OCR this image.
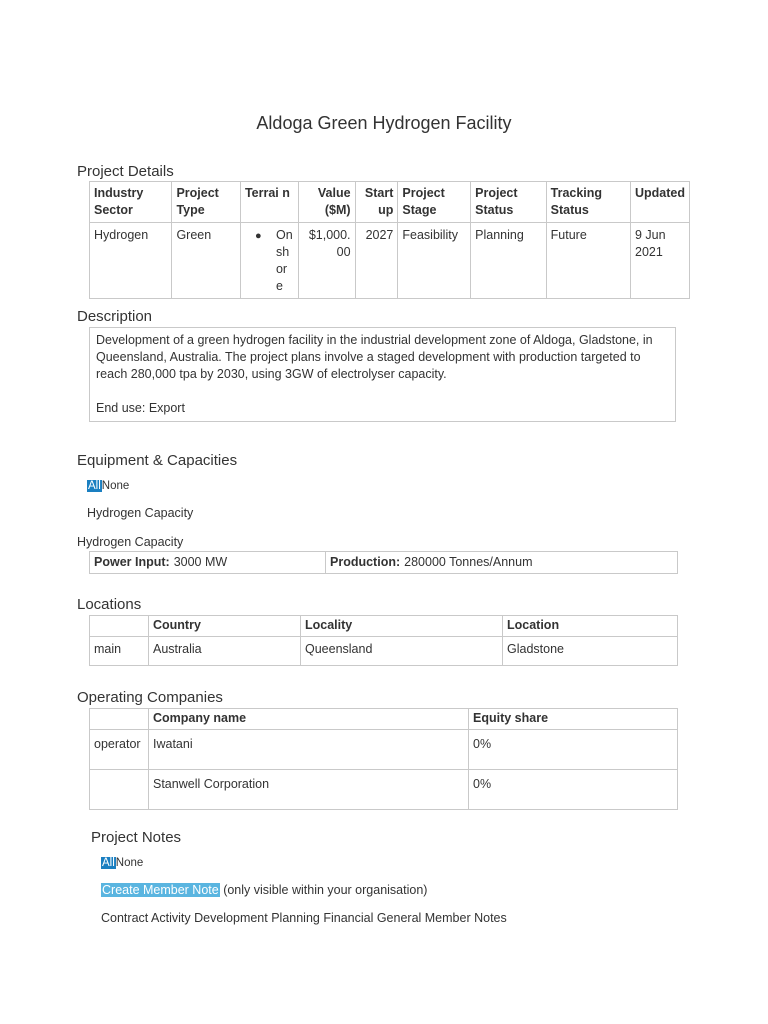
Aldoga Green Hydrogen Facility
Project Details
Industry Sector	Project Type	Terrai n	Value ($M)	Start up	Project Stage	Project Status	Tracking Status	Updated
Hydrogen	Green	● Onshore	$1,000.00	2027	Feasibility	Planning	Future	9 Jun 2021
Description

Development of a green hydrogen facility in the industrial development zone of Aldoga, Gladstone, in Queensland, Australia. The project plans involve a staged development with production targeted to reach 280,000 tpa by 2030, using 3GW of electrolyser capacity.

End use: Export

Equipment & Capacities
AllNone
Hydrogen Capacity
Hydrogen Capacity
Power Input: 3000 MW	Production: 280000 Tonnes/Annum
Locations
	Country	Locality	Location
main	Australia	Queensland	Gladstone
Operating Companies
	Company name	Equity share
operator	Iwatani	0%
	Stanwell Corporation	0%
Project Notes
AllNone
Create Member Note (only visible within your organisation)
Contract Activity Development Planning Financial General Member Notes
